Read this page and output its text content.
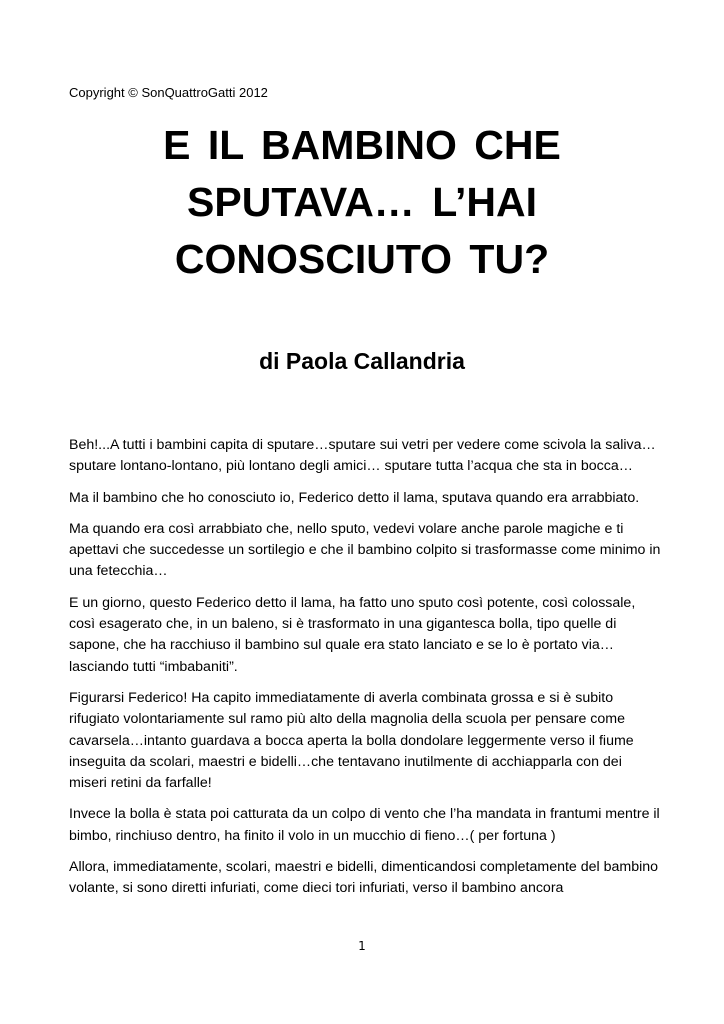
Copyright © SonQuattroGatti 2012
E IL BAMBINO CHE
SPUTAVA… L’HAI
CONOSCIUTO TU?
di Paola Callandria

Beh!...A tutti i bambini capita di sputare…sputare sui vetri per vedere come scivola la saliva… sputare lontano-lontano, più lontano degli amici… sputare tutta l’acqua che sta in bocca…

Ma il bambino che ho conosciuto io, Federico detto il lama, sputava quando era arrabbiato.

Ma quando era così arrabbiato che, nello sputo, vedevi volare anche parole magiche e ti apettavi che succedesse un sortilegio e che il bambino colpito si trasformasse come minimo in una fetecchia…

E un giorno, questo Federico detto il lama, ha fatto uno sputo così potente, così colossale, così esagerato che, in un baleno, si è trasformato in una gigantesca bolla, tipo quelle di sapone, che ha racchiuso il bambino sul quale era stato lanciato e se lo è portato via… lasciando tutti “imbabaniti”.

Figurarsi Federico! Ha capito immediatamente di averla combinata grossa e si è subito rifugiato volontariamente sul ramo più alto della magnolia della scuola per pensare come cavarsela…intanto guardava a bocca aperta la bolla dondolare leggermente verso il fiume inseguita da scolari, maestri e bidelli…che tentavano inutilmente di acchiapparla con dei miseri retini da farfalle!

Invece la bolla è stata poi catturata da un colpo di vento che l’ha mandata in frantumi mentre il bimbo, rinchiuso dentro, ha finito il volo in un mucchio di fieno…( per fortuna )

Allora, immediatamente, scolari, maestri e bidelli, dimenticandosi completamente del bambino volante, si sono diretti infuriati, come dieci tori infuriati, verso il bambino ancora

1
